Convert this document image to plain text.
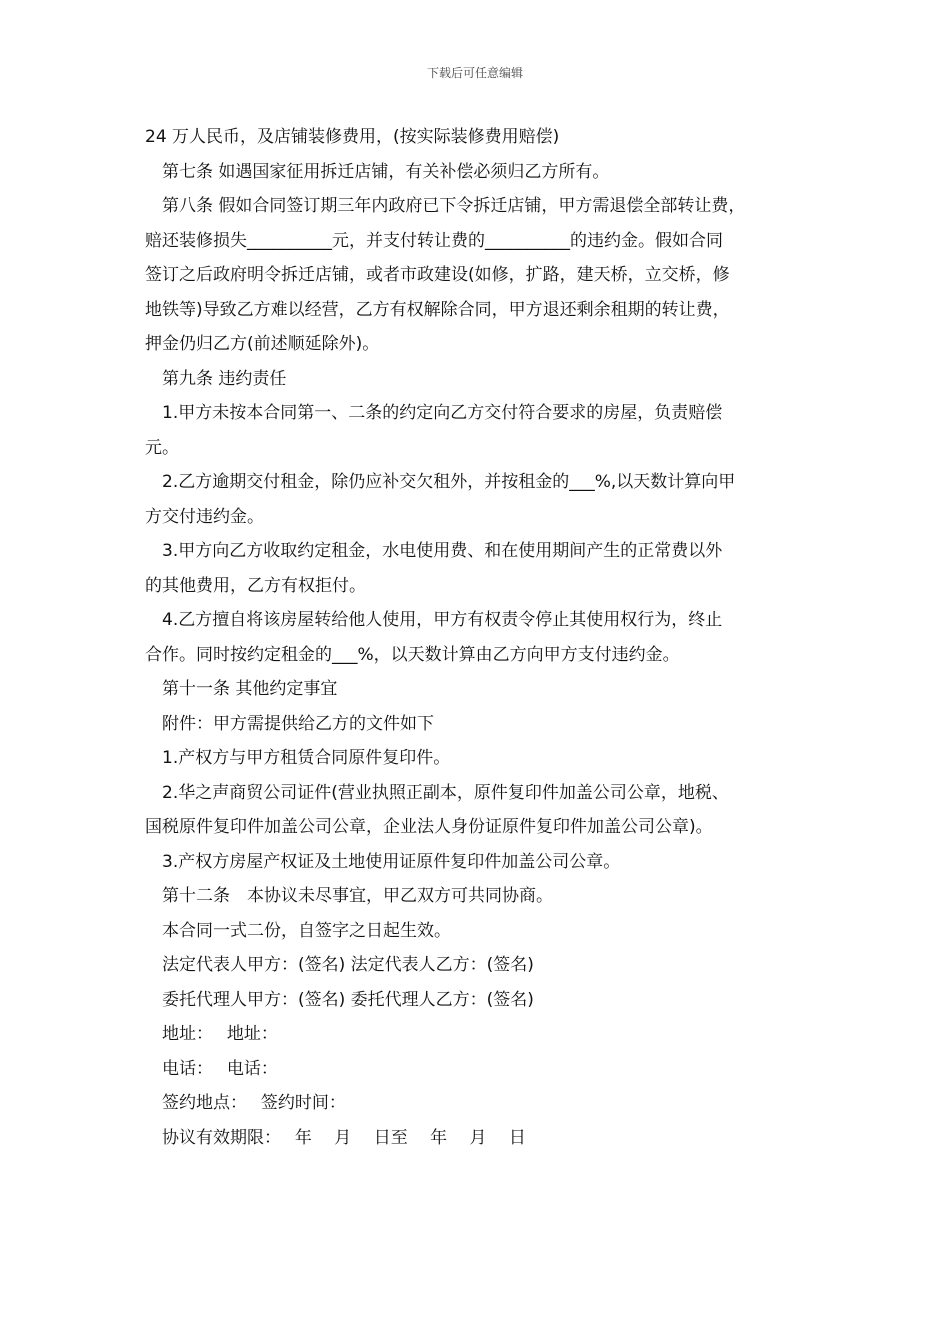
下载后可任意编辑
24 万人民币，及店铺装修费用，(按实际装修费用赔偿)
第七条 如遇国家征用拆迁店铺，有关补偿必须归乙方所有。
第八条 假如合同签订期三年内政府已下令拆迁店铺，甲方需退偿全部转让费，
赔还装修损失__________元，并支付转让费的__________的违约金。假如合同
签订之后政府明令拆迁店铺，或者市政建设(如修，扩路，建天桥，立交桥，修
地铁等)导致乙方难以经营，乙方有权解除合同，甲方退还剩余租期的转让费，
押金仍归乙方(前述顺延除外)。
第九条 违约责任
1.甲方未按本合同第一、二条的约定向乙方交付符合要求的房屋，负责赔偿
元。
2.乙方逾期交付租金，除仍应补交欠租外，并按租金的___%,以天数计算向甲
方交付违约金。
3.甲方向乙方收取约定租金，水电使用费、和在使用期间产生的正常费以外
的其他费用，乙方有权拒付。
4.乙方擅自将该房屋转给他人使用，甲方有权责令停止其使用权行为，终止
合作。同时按约定租金的___%，以天数计算由乙方向甲方支付违约金。
第十一条 其他约定事宜
附件：甲方需提供给乙方的文件如下
1.产权方与甲方租赁合同原件复印件。
2.华之声商贸公司证件(营业执照正副本，原件复印件加盖公司公章，地税、
国税原件复印件加盖公司公章，企业法人身份证原件复印件加盖公司公章)。
3.产权方房屋产权证及土地使用证原件复印件加盖公司公章。
第十二条　本协议未尽事宜，甲乙双方可共同协商。
本合同一式二份，自签字之日起生效。
法定代表人甲方：(签名) 法定代表人乙方：(签名)
委托代理人甲方：(签名) 委托代理人乙方：(签名)
地址：　 地址：
电话：　 电话：
签约地点：　 签约时间：
协议有效期限：　 年　 月　 日至　 年　 月　 日
